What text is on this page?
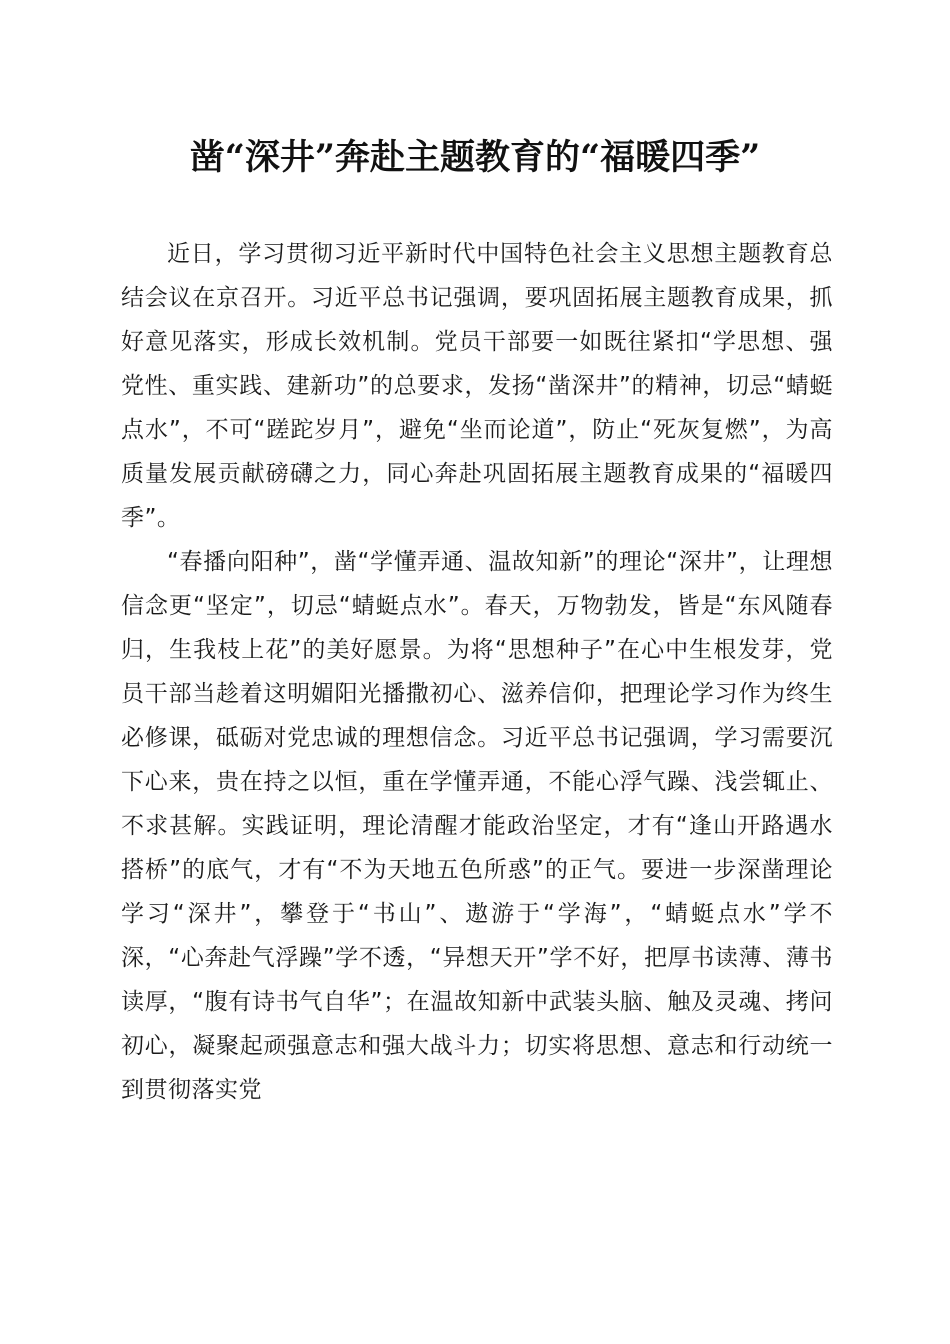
凿“深井”奔赴主题教育的“福暖四季”

近日，学习贯彻习近平新时代中国特色社会主义思想主题教育总结会议在京召开。习近平总书记强调，要巩固拓展主题教育成果，抓好意见落实，形成长效机制。党员干部要一如既往紧扣“学思想、强党性、重实践、建新功”的总要求，发扬“凿深井”的精神，切忌“蜻蜓点水”，不可“蹉跎岁月”，避免“坐而论道”，防止“死灰复燃”，为高质量发展贡献磅礴之力，同心奔赴巩固拓展主题教育成果的“福暖四季”。

“春播向阳种”，凿“学懂弄通、温故知新”的理论“深井”，让理想信念更“坚定”，切忌“蜻蜓点水”。春天，万物勃发，皆是“东风随春归，生我枝上花”的美好愿景。为将“思想种子”在心中生根发芽，党员干部当趁着这明媚阳光播撒初心、滋养信仰，把理论学习作为终生必修课，砥砺对党忠诚的理想信念。习近平总书记强调，学习需要沉下心来，贵在持之以恒，重在学懂弄通，不能心浮气躁、浅尝辄止、不求甚解。实践证明，理论清醒才能政治坚定，才有“逢山开路遇水搭桥”的底气，才有“不为天地五色所惑”的正气。要进一步深凿理论学习“深井”，攀登于“书山”、遨游于“学海”，“蜻蜓点水”学不深，“心奔赴气浮躁”学不透，“异想天开”学不好，把厚书读薄、薄书读厚，“腹有诗书气自华”；在温故知新中武装头脑、触及灵魂、拷问初心，凝聚起顽强意志和强大战斗力；切实将思想、意志和行动统一到贯彻落实党
